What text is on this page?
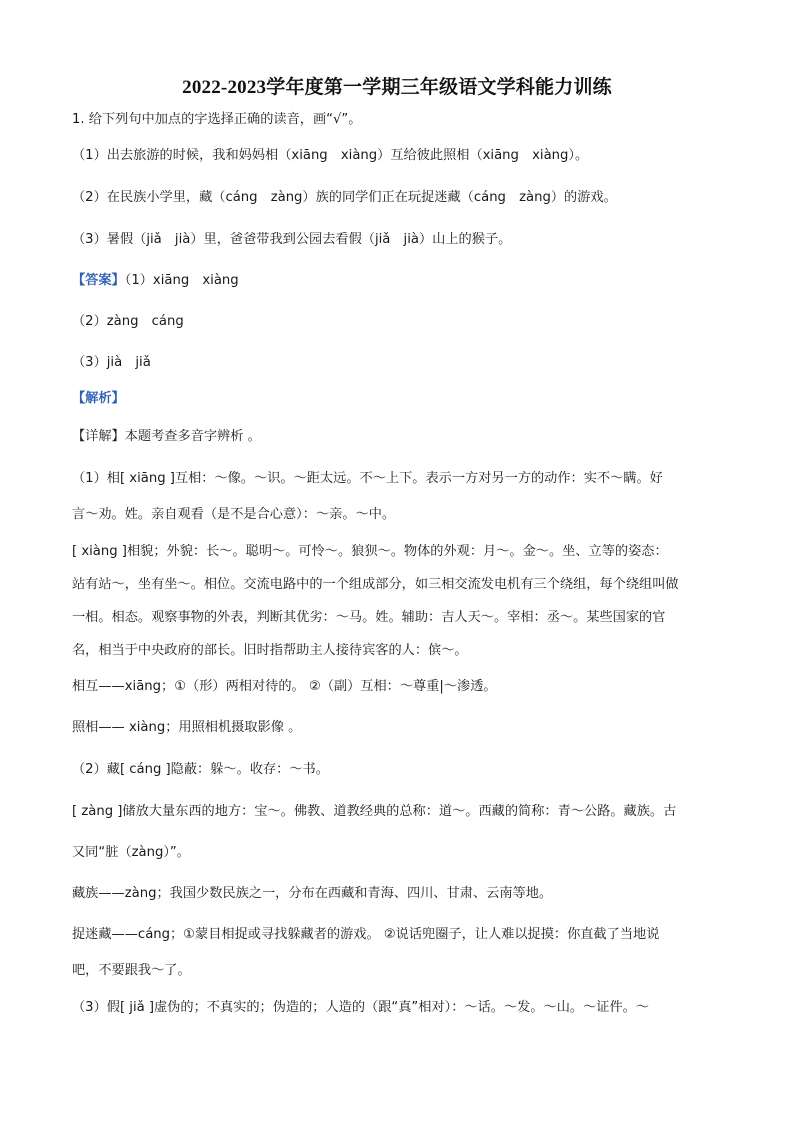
2022-2023学年度第一学期三年级语文学科能力训练
1. 给下列句中加点的字选择正确的读音，画“√”。
（1）出去旅游的时候，我和妈妈相（xiāng　xiàng）互给彼此照相（xiāng　xiàng）。
（2）在民族小学里，藏（cáng　zàng）族的同学们正在玩捉迷藏（cáng　zàng）的游戏。
（3）暑假（jiǎ　jià）里，爸爸带我到公园去看假（jiǎ　jià）山上的猴子。
【答案】（1）xiāng　xiàng
（2）zàng　cáng
（3）jià　jiǎ
【解析】
【详解】本题考查多音字辨析 。
（1）相[ xiāng ]互相：～像。～识。～距太远。不～上下。表示一方对另一方的动作：实不～瞒。好
言～劝。姓。亲自观看（是不是合心意）：～亲。～中。
[ xiàng ]相貌；外貌：长～。聪明～。可怜～。狼狈～。物体的外观：月～。金～。坐、立等的姿态：
站有站～，坐有坐～。相位。交流电路中的一个组成部分，如三相交流发电机有三个绕组，每个绕组叫做
一相。相态。观察事物的外表，判断其优劣：～马。姓。辅助：吉人天～。宰相：丞～。某些国家的官
名，相当于中央政府的部长。旧时指帮助主人接待宾客的人：傧～。
相互——xiāng；①（形）两相对待的。 ②（副）互相：～尊重|～渗透。
照相—— xiàng；用照相机摄取影像 。
（2）藏[ cáng ]隐蔽：躲～。收存：～书。
[ zàng ]储放大量东西的地方：宝～。佛教、道教经典的总称：道～。西藏的简称：青～公路。藏族。古
又同“脏（zàng）”。
藏族——zàng；我国少数民族之一，分布在西藏和青海、四川、甘肃、云南等地。
捉迷藏——cáng；①蒙目相捉或寻找躲藏者的游戏。 ②说话兜圈子，让人难以捉摸：你直截了当地说
吧，不要跟我～了。
（3）假[ jiǎ ]虚伪的；不真实的；伪造的；人造的（跟“真”相对）：～话。～发。～山。～证件。～
